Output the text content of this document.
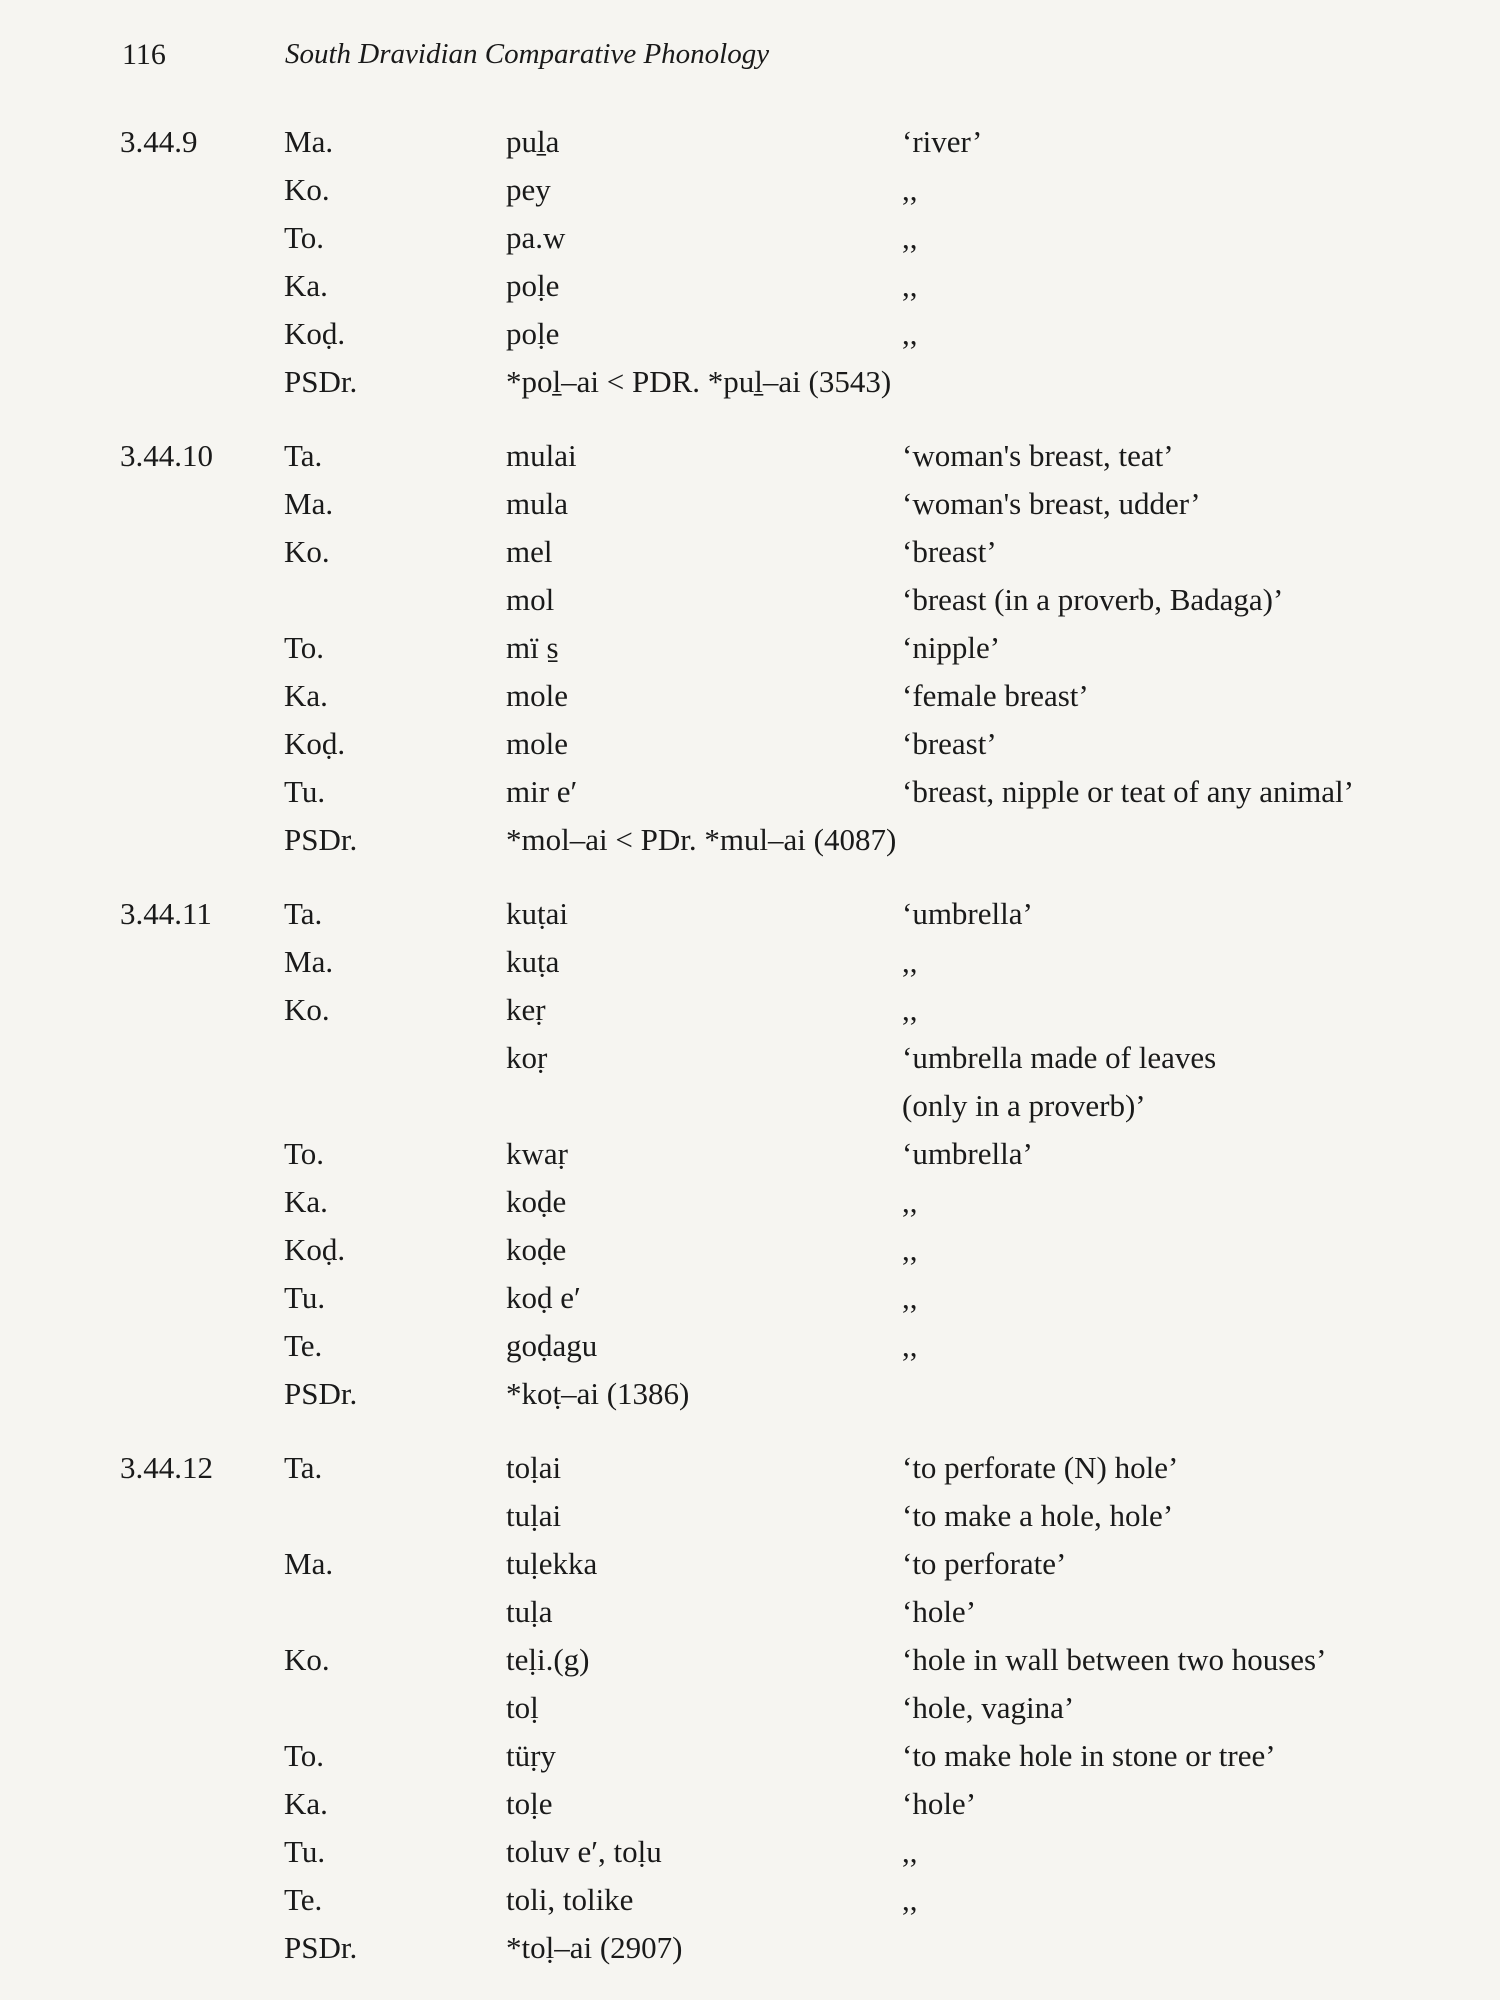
116	South Dravidian Comparative Phonology
3.44.9	Ma.	puḻa	‘river’
Ko.	pey	,,
To.	pa.w	,,
Ka.	poḷe	,,
Koḍ.	poḷe	,,
PSDr.	*poḻ–ai < PDR. *puḻ–ai (3543)
3.44.10 Ta.	mulai	‘woman's breast, teat’
Ma.	mula	‘woman's breast, udder’
Ko.	mel	‘breast’
mol	‘breast (in a proverb, Badaga)’
To.	mï s̱	‘nipple’
Ka.	mole	‘female breast’
Koḍ.	mole	‘breast’
Tu.	mir e′	‘breast, nipple or teat of any animal’
PSDr.	*mol–ai < PDr. *mul–ai (4087)
3.44.11 Ta.	kuṭai	‘umbrella’
Ma.	kuṭa	,,
Ko.	keṛ	,,
koṛ	‘umbrella made of leaves
(only in a proverb)’
To.	kwaṛ	‘umbrella’
Ka.	koḍe	,,
Koḍ.	koḍe	,,
Tu.	koḍ e′	,,
Te.	goḍagu	,,
PSDr.	*koṭ–ai (1386)
3.44.12 Ta.	toḷai	‘to perforate (N) hole’
tuḷai	‘to make a hole, hole’
Ma.	tuḷekka	‘to perforate’
tuḷa	‘hole’
Ko.	teḷi.(g)	‘hole in wall between two houses’
toḷ	‘hole, vagina’
To.	tüṛy	‘to make hole in stone or tree’
Ka.	toḷe	‘hole’
Tu.	toluv e′, toḷu	,,
Te.	toli, tolike	,,
PSDr.	*toḷ–ai (2907)
